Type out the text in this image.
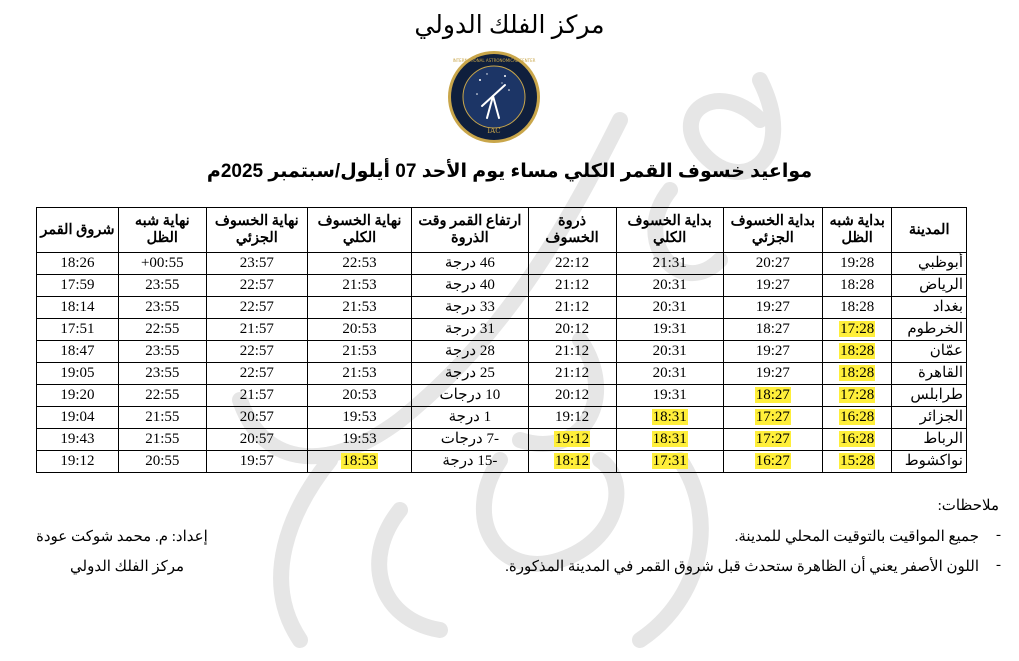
مركز الفلك الدولي
IAC
INTERNATIONAL ASTRONOMICAL CENTER
مواعيد خسوف القمر الكلي مساء يوم الأحد 07 أيلول/سبتمبر 2025م
المدينة	بداية شبه الظل	بداية الخسوف الجزئي	بداية الخسوف الكلي	ذروة الخسوف	ارتفاع القمر وقت الذروة	نهاية الخسوف الكلي	نهاية الخسوف الجزئي	نهاية شبه الظل	شروق القمر
أبوظبي	19:28	20:27	21:31	22:12	46 درجة	22:53	23:57	00:55+	18:26
الرياض	18:28	19:27	20:31	21:12	40 درجة	21:53	22:57	23:55	17:59
بغداد	18:28	19:27	20:31	21:12	33 درجة	21:53	22:57	23:55	18:14
الخرطوم	17:28	18:27	19:31	20:12	31 درجة	20:53	21:57	22:55	17:51
عمّان	18:28	19:27	20:31	21:12	28 درجة	21:53	22:57	23:55	18:47
القاهرة	18:28	19:27	20:31	21:12	25 درجة	21:53	22:57	23:55	19:05
طرابلس	17:28	18:27	19:31	20:12	10 درجات	20:53	21:57	22:55	19:20
الجزائر	16:28	17:27	18:31	19:12	1 درجة	19:53	20:57	21:55	19:04
الرباط	16:28	17:27	18:31	19:12	-7 درجات	19:53	20:57	21:55	19:43
نواكشوط	15:28	16:27	17:31	18:12	-15 درجة	18:53	19:57	20:55	19:12
ملاحظات:
-
جميع المواقيت بالتوقيت المحلي للمدينة.
-
اللون الأصفر يعني أن الظاهرة ستحدث قبل شروق القمر في المدينة المذكورة.
إعداد: م. محمد شوكت عودة
مركز الفلك الدولي
